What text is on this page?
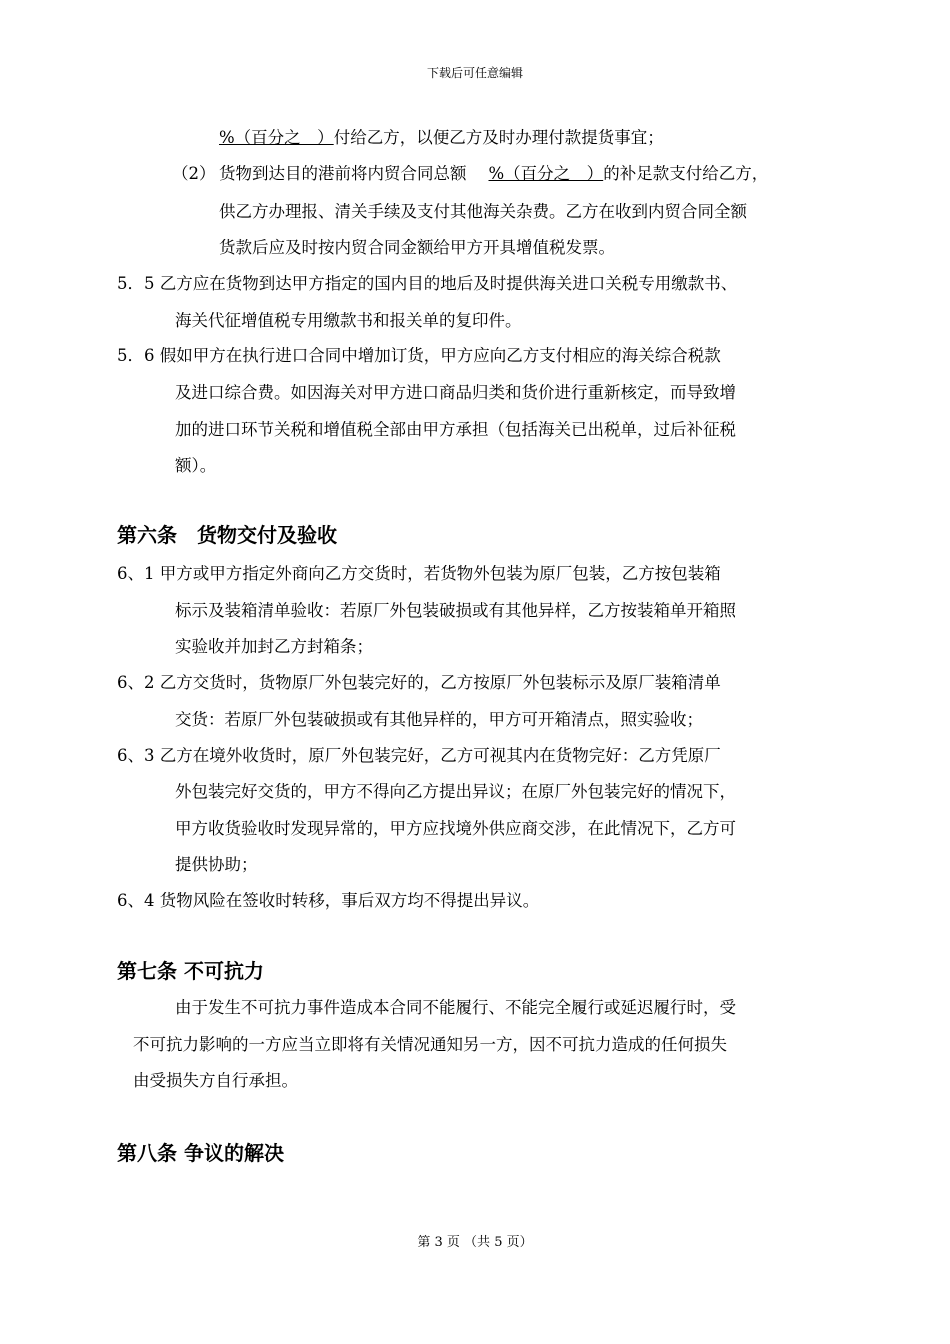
下载后可任意编辑
%（百分之　）付给乙方，以便乙方及时办理付款提货事宜；
（2） 货物到达目的港前将内贸合同总额 %（百分之　）的补足款支付给乙方，
供乙方办理报、清关手续及支付其他海关杂费。乙方在收到内贸合同全额
货款后应及时按内贸合同金额给甲方开具增值税发票。
5．5 乙方应在货物到达甲方指定的国内目的地后及时提供海关进口关税专用缴款书、
海关代征增值税专用缴款书和报关单的复印件。
5．6 假如甲方在执行进口合同中增加订货，甲方应向乙方支付相应的海关综合税款
及进口综合费。如因海关对甲方进口商品归类和货价进行重新核定，而导致增
加的进口环节关税和增值税全部由甲方承担（包括海关已出税单，过后补征税
额）。
第六条　货物交付及验收
6、1 甲方或甲方指定外商向乙方交货时，若货物外包装为原厂包装，乙方按包装箱
标示及装箱清单验收：若原厂外包装破损或有其他异样，乙方按装箱单开箱照
实验收并加封乙方封箱条；
6、2 乙方交货时，货物原厂外包装完好的，乙方按原厂外包装标示及原厂装箱清单
交货：若原厂外包装破损或有其他异样的，甲方可开箱清点，照实验收；
6、3 乙方在境外收货时，原厂外包装完好，乙方可视其内在货物完好：乙方凭原厂
外包装完好交货的，甲方不得向乙方提出异议；在原厂外包装完好的情况下，
甲方收货验收时发现异常的，甲方应找境外供应商交涉，在此情况下，乙方可
提供协助；
6、4 货物风险在签收时转移，事后双方均不得提出异议。
第七条 不可抗力
由于发生不可抗力事件造成本合同不能履行、不能完全履行或延迟履行时，受
不可抗力影响的一方应当立即将有关情况通知另一方，因不可抗力造成的任何损失
由受损失方自行承担。
第八条 争议的解决
第 3 页 （共 5 页）
